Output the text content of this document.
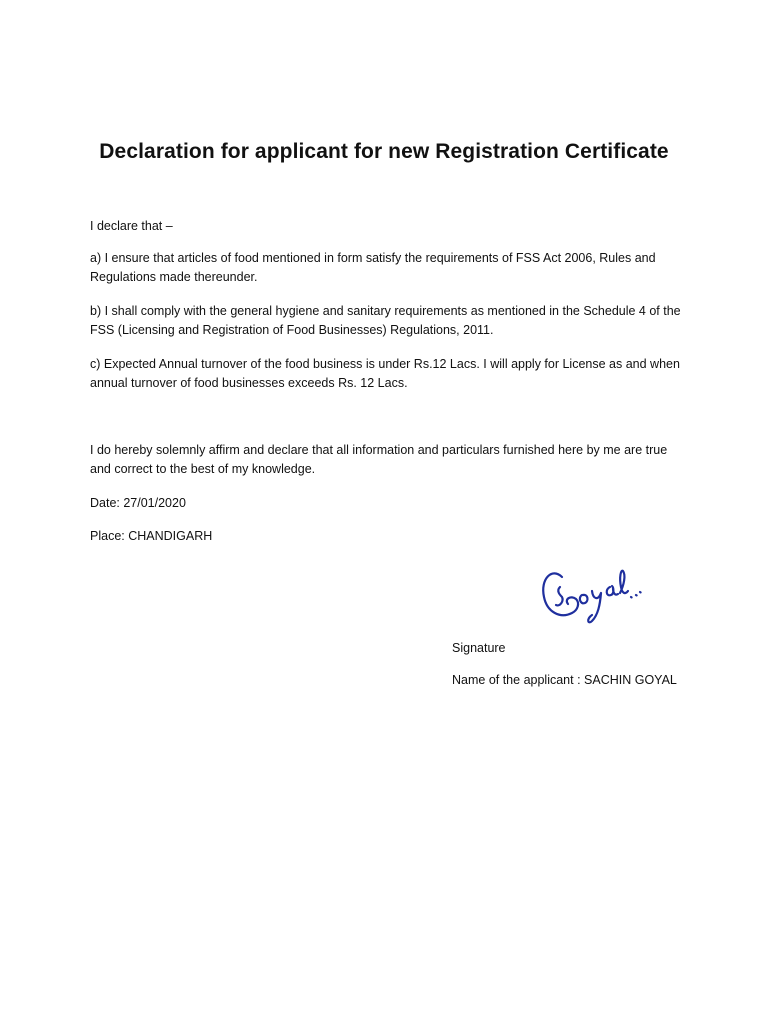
Declaration for applicant for new Registration Certificate
I declare that –
a) I ensure that articles of food mentioned in form satisfy the requirements of FSS Act 2006, Rules and Regulations made thereunder.
b) I shall comply with the general hygiene and sanitary requirements as mentioned in the Schedule 4 of the FSS (Licensing and Registration of Food Businesses) Regulations, 2011.
c) Expected Annual turnover of the food business is under Rs.12 Lacs. I will apply for License as and when annual turnover of food businesses exceeds Rs. 12 Lacs.
I do hereby solemnly affirm and declare that all information and particulars furnished here by me are true and correct to the best of my knowledge.
Date: 27/01/2020
Place: CHANDIGARH
Signature
Name of the applicant : SACHIN GOYAL
